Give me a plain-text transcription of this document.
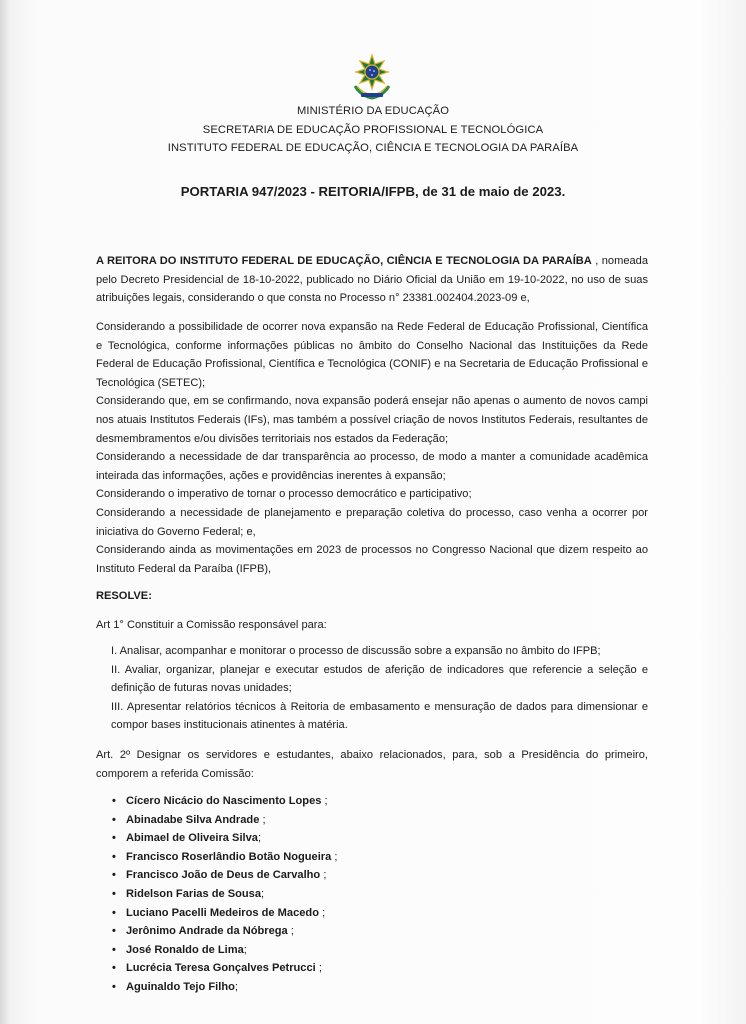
MINISTÉRIO DA EDUCAÇÃO
SECRETARIA DE EDUCAÇÃO PROFISSIONAL E TECNOLÓGICA
INSTITUTO FEDERAL DE EDUCAÇÃO, CIÊNCIA E TECNOLOGIA DA PARAÍBA
PORTARIA 947/2023 - REITORIA/IFPB, de 31 de maio de 2023.

A REITORA DO INSTITUTO FEDERAL DE EDUCAÇÃO, CIÊNCIA E TECNOLOGIA DA PARAÍBA , nomeada pelo Decreto Presidencial de 18-10-2022, publicado no Diário Oficial da União em 19-10-2022, no uso de suas atribuições legais, considerando o que consta no Processo n° 23381.002404.2023-09 e,

Considerando a possibilidade de ocorrer nova expansão na Rede Federal de Educação Profissional, Científica e Tecnológica, conforme informações públicas no âmbito do Conselho Nacional das Instituições da Rede Federal de Educação Profissional, Científica e Tecnológica (CONIF) e na Secretaria de Educação Profissional e Tecnológica (SETEC);

Considerando que, em se confirmando, nova expansão poderá ensejar não apenas o aumento de novos campi nos atuais Institutos Federais (IFs), mas também a possível criação de novos Institutos Federais, resultantes de desmembramentos e/ou divisões territoriais nos estados da Federação;

Considerando a necessidade de dar transparência ao processo, de modo a manter a comunidade acadêmica inteirada das informações, ações e providências inerentes à expansão;

Considerando o imperativo de tornar o processo democrático e participativo;

Considerando a necessidade de planejamento e preparação coletiva do processo, caso venha a ocorrer por iniciativa do Governo Federal; e,

Considerando ainda as movimentações em 2023 de processos no Congresso Nacional que dizem respeito ao Instituto Federal da Paraíba (IFPB),

RESOLVE:
Art 1° Constituir a Comissão responsável para:

I. Analisar, acompanhar e monitorar o processo de discussão sobre a expansão no âmbito do IFPB;

II. Avaliar, organizar, planejar e executar estudos de aferição de indicadores que referencie a seleção e definição de futuras novas unidades;

III. Apresentar relatórios técnicos à Reitoria de embasamento e mensuração de dados para dimensionar e compor bases institucionais atinentes à matéria.

Art. 2º Designar os servidores e estudantes, abaixo relacionados, para, sob a Presidência do primeiro, comporem a referida Comissão:
• Cícero Nicácio do Nascimento Lopes ;
• Abinadabe Silva Andrade ;
• Abimael de Oliveira Silva;
• Francisco Roserlândio Botão Nogueira ;
• Francisco João de Deus de Carvalho ;
• Ridelson Farias de Sousa;
• Luciano Pacelli Medeiros de Macedo ;
• Jerônimo Andrade da Nóbrega ;
• José Ronaldo de Lima;
• Lucrécia Teresa Gonçalves Petrucci ;
• Aguinaldo Tejo Filho;
